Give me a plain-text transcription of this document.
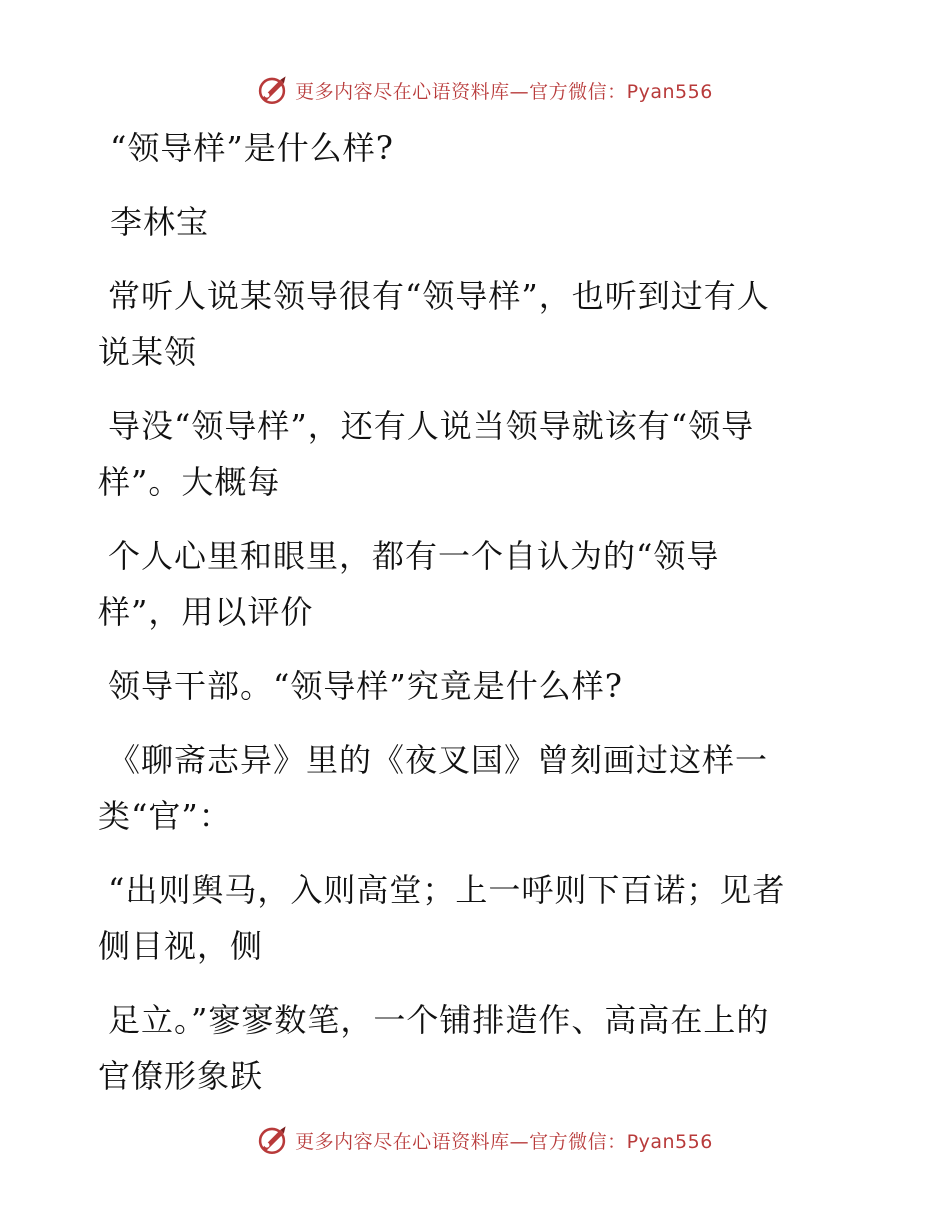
更多内容尽在心语资料库—官方微信：Pyan556
“领导样”是什么样?
李林宝
常听人说某领导很有“领导样”，也听到过有人
说某领
导没“领导样”，还有人说当领导就该有“领导
样”。大概每
个人心里和眼里，都有一个自认为的“领导
样”，用以评价
领导干部。“领导样”究竟是什么样?
《聊斋志异》里的《夜叉国》曾刻画过这样一
类“官”：
“出则舆马，入则高堂；上一呼则下百诺；见者
侧目视，侧
足立。”寥寥数笔，一个铺排造作、高高在上的
官僚形象跃
更多内容尽在心语资料库—官方微信：Pyan556
